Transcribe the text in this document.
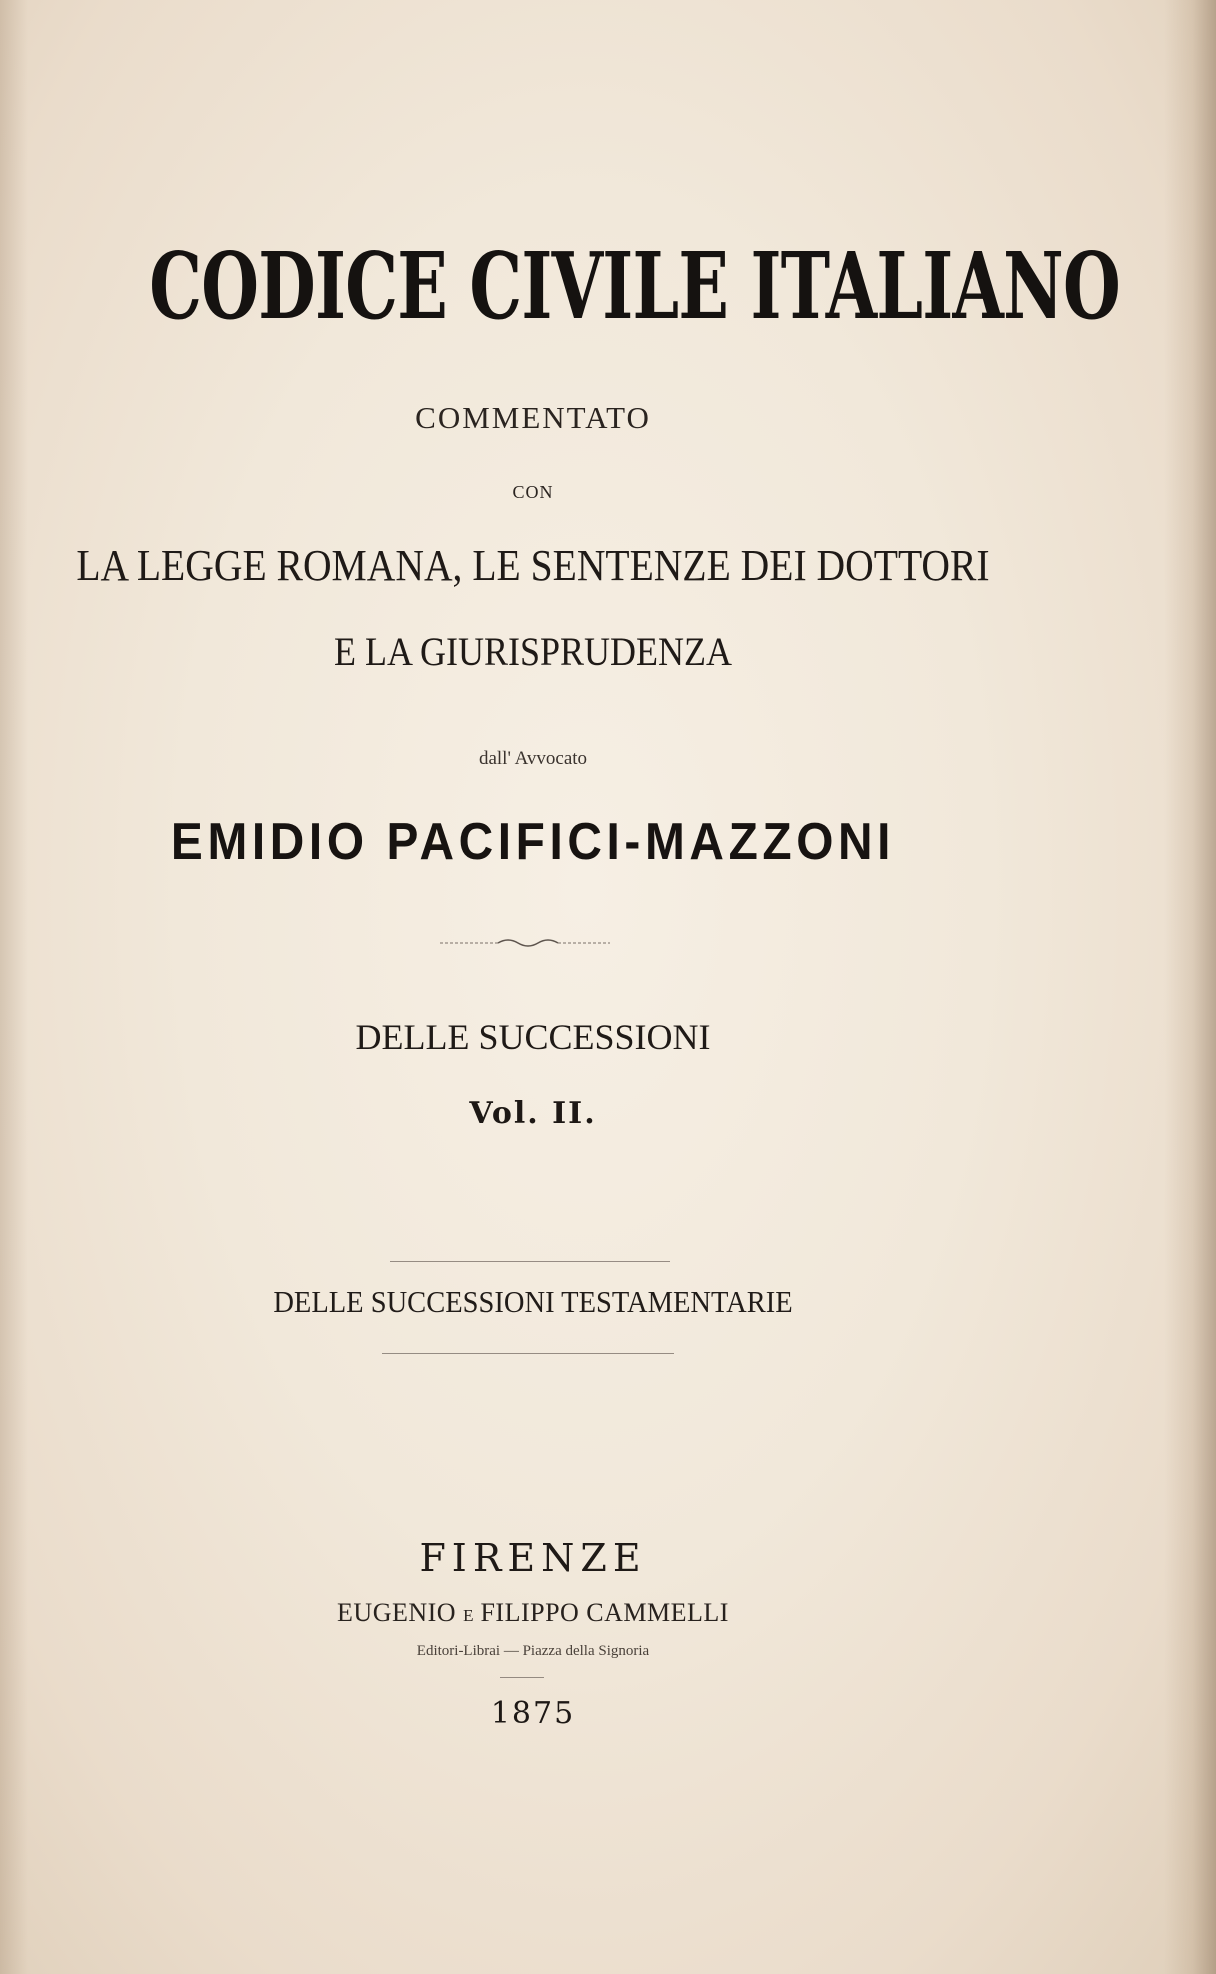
CODICE CIVILE ITALIANO
COMMENTATO
CON
LA LEGGE ROMANA, LE SENTENZE DEI DOTTORI
E LA GIURISPRUDENZA
dall' Avvocato
EMIDIO PACIFICI-MAZZONI
DELLE SUCCESSIONI
Vol. II.
DELLE SUCCESSIONI TESTAMENTARIE
FIRENZE
EUGENIO E FILIPPO CAMMELLI
Editori-Librai — Piazza della Signoria
1875
